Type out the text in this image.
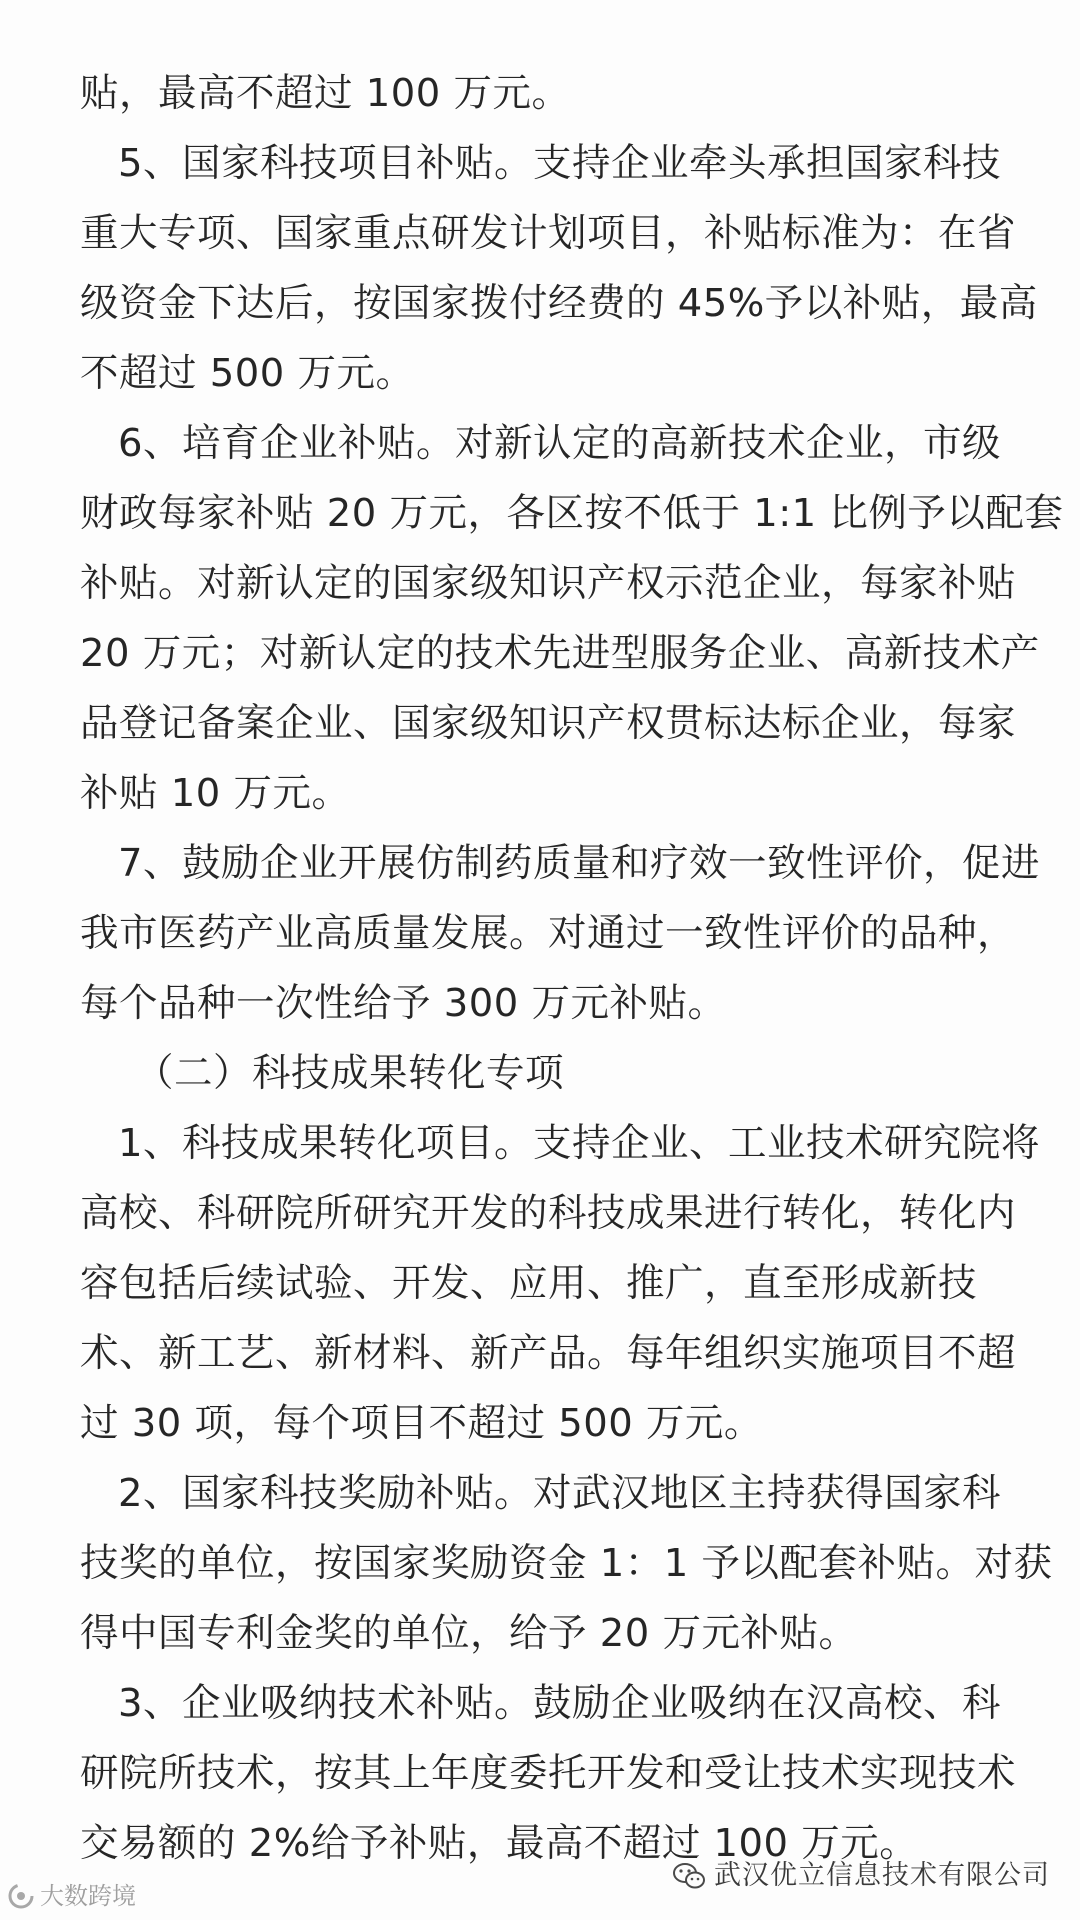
贴，最高不超过 100 万元。
5、国家科技项目补贴。支持企业牵头承担国家科技
重大专项、国家重点研发计划项目，补贴标准为：在省
级资金下达后，按国家拨付经费的 45%予以补贴，最高
不超过 500 万元。
6、培育企业补贴。对新认定的高新技术企业，市级
财政每家补贴 20 万元，各区按不低于 1:1 比例予以配套
补贴。对新认定的国家级知识产权示范企业，每家补贴
20 万元；对新认定的技术先进型服务企业、高新技术产
品登记备案企业、国家级知识产权贯标达标企业，每家
补贴 10 万元。
7、鼓励企业开展仿制药质量和疗效一致性评价，促进
我市医药产业高质量发展。对通过一致性评价的品种，
每个品种一次性给予 300 万元补贴。
（二）科技成果转化专项
1、科技成果转化项目。支持企业、工业技术研究院将
高校、科研院所研究开发的科技成果进行转化，转化内
容包括后续试验、开发、应用、推广，直至形成新技
术、新工艺、新材料、新产品。每年组织实施项目不超
过 30 项，每个项目不超过 500 万元。
2、国家科技奖励补贴。对武汉地区主持获得国家科
技奖的单位，按国家奖励资金 1：1 予以配套补贴。对获
得中国专利金奖的单位，给予 20 万元补贴。
3、企业吸纳技术补贴。鼓励企业吸纳在汉高校、科
研院所技术，按其上年度委托开发和受让技术实现技术
交易额的 2%给予补贴，最高不超过 100 万元。
大数跨境
武汉优立信息技术有限公司
